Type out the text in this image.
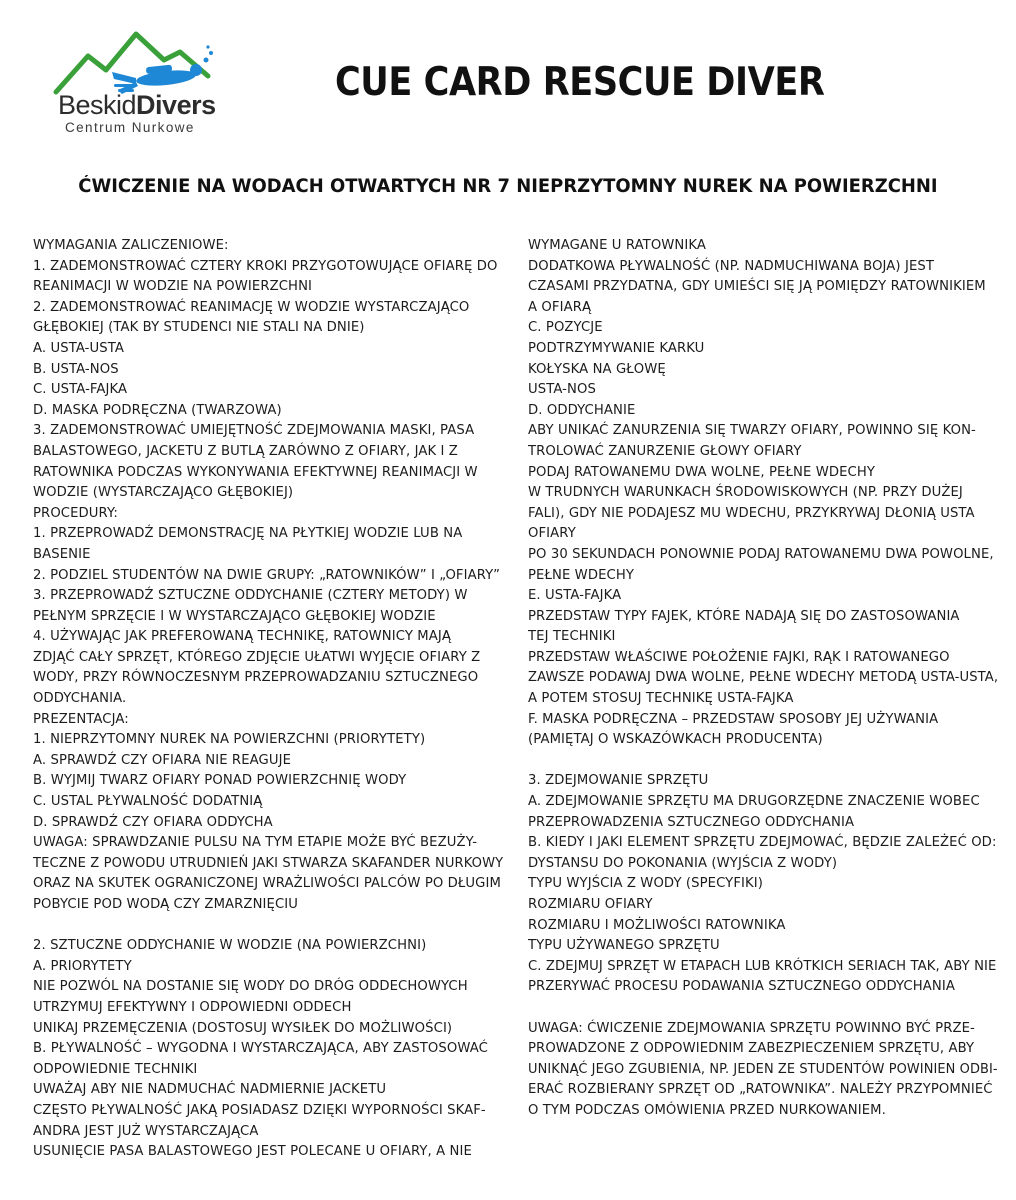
BeskidDivers
Centrum Nurkowe
CUE CARD RESCUE DIVER
ĆWICZENIE NA WODACH OTWARTYCH NR 7 NIEPRZYTOMNY NUREK NA POWIERZCHNI
WYMAGANIA ZALICZENIOWE:
1. ZADEMONSTROWAĆ CZTERY KROKI PRZYGOTOWUJĄCE OFIARĘ DO
REANIMACJI W WODZIE NA POWIERZCHNI
2. ZADEMONSTROWAĆ REANIMACJĘ W WODZIE WYSTARCZAJĄCO
GŁĘBOKIEJ (TAK BY STUDENCI NIE STALI NA DNIE)
A. USTA-USTA
B. USTA-NOS
C. USTA-FAJKA
D. MASKA PODRĘCZNA (TWARZOWA)
3. ZADEMONSTROWAĆ UMIEJĘTNOŚĆ ZDEJMOWANIA MASKI, PASA
BALASTOWEGO, JACKETU Z BUTLĄ ZARÓWNO Z OFIARY, JAK I Z
RATOWNIKA PODCZAS WYKONYWANIA EFEKTYWNEJ REANIMACJI W
WODZIE (WYSTARCZAJĄCO GŁĘBOKIEJ)
PROCEDURY:
1. PRZEPROWADŹ DEMONSTRACJĘ NA PŁYTKIEJ WODZIE LUB NA
BASENIE
2. PODZIEL STUDENTÓW NA DWIE GRUPY: „RATOWNIKÓW” I „OFIARY”
3. PRZEPROWADŹ SZTUCZNE ODDYCHANIE (CZTERY METODY) W
PEŁNYM SPRZĘCIE I W WYSTARCZAJĄCO GŁĘBOKIEJ WODZIE
4. UŻYWAJĄC JAK PREFEROWANĄ TECHNIKĘ, RATOWNICY MAJĄ
ZDJĄĆ CAŁY SPRZĘT, KTÓREGO ZDJĘCIE UŁATWI WYJĘCIE OFIARY Z
WODY, PRZY RÓWNOCZESNYM PRZEPROWADZANIU SZTUCZNEGO
ODDYCHANIA.
PREZENTACJA:
1. NIEPRZYTOMNY NUREK NA POWIERZCHNI (PRIORYTETY)
A. SPRAWDŹ CZY OFIARA NIE REAGUJE
B. WYJMIJ TWARZ OFIARY PONAD POWIERZCHNIĘ WODY
C. USTAL PŁYWALNOŚĆ DODATNIĄ
D. SPRAWDŹ CZY OFIARA ODDYCHA
UWAGA: SPRAWDZANIE PULSU NA TYM ETAPIE MOŻE BYĆ BEZUŻY-
TECZNE Z POWODU UTRUDNIEŃ JAKI STWARZA SKAFANDER NURKOWY
ORAZ NA SKUTEK OGRANICZONEJ WRAŻLIWOŚCI PALCÓW PO DŁUGIM
POBYCIE POD WODĄ CZY ZMARZNIĘCIU
2. SZTUCZNE ODDYCHANIE W WODZIE (NA POWIERZCHNI)
A. PRIORYTETY
NIE POZWÓL NA DOSTANIE SIĘ WODY DO DRÓG ODDECHOWYCH
UTRZYMUJ EFEKTYWNY I ODPOWIEDNI ODDECH
UNIKAJ PRZEMĘCZENIA (DOSTOSUJ WYSIŁEK DO MOŻLIWOŚCI)
B. PŁYWALNOŚĆ – WYGODNA I WYSTARCZAJĄCA, ABY ZASTOSOWAĆ
ODPOWIEDNIE TECHNIKI
UWAŻAJ ABY NIE NADMUCHAĆ NADMIERNIE JACKETU
CZĘSTO PŁYWALNOŚĆ JAKĄ POSIADASZ DZIĘKI WYPORNOŚCI SKAF-
ANDRA JEST JUŻ WYSTARCZAJĄCA
USUNIĘCIE PASA BALASTOWEGO JEST POLECANE U OFIARY, A NIE
WYMAGANE U RATOWNIKA
DODATKOWA PŁYWALNOŚĆ (NP. NADMUCHIWANA BOJA) JEST
CZASAMI PRZYDATNA, GDY UMIEŚCI SIĘ JĄ POMIĘDZY RATOWNIKIEM
A OFIARĄ
C. POZYCJE
PODTRZYMYWANIE KARKU
KOŁYSKA NA GŁOWĘ
USTA-NOS
D. ODDYCHANIE
ABY UNIKAĆ ZANURZENIA SIĘ TWARZY OFIARY, POWINNO SIĘ KON-
TROLOWAĆ ZANURZENIE GŁOWY OFIARY
PODAJ RATOWANEMU DWA WOLNE, PEŁNE WDECHY
W TRUDNYCH WARUNKACH ŚRODOWISKOWYCH (NP. PRZY DUŻEJ
FALI), GDY NIE PODAJESZ MU WDECHU, PRZYKRYWAJ DŁONIĄ USTA
OFIARY
PO 30 SEKUNDACH PONOWNIE PODAJ RATOWANEMU DWA POWOLNE,
PEŁNE WDECHY
E. USTA-FAJKA
PRZEDSTAW TYPY FAJEK, KTÓRE NADAJĄ SIĘ DO ZASTOSOWANIA
TEJ TECHNIKI
PRZEDSTAW WŁAŚCIWE POŁOŻENIE FAJKI, RĄK I RATOWANEGO
ZAWSZE PODAWAJ DWA WOLNE, PEŁNE WDECHY METODĄ USTA-USTA,
A POTEM STOSUJ TECHNIKĘ USTA-FAJKA
F. MASKA PODRĘCZNA – PRZEDSTAW SPOSOBY JEJ UŻYWANIA
(PAMIĘTAJ O WSKAZÓWKACH PRODUCENTA)
3. ZDEJMOWANIE SPRZĘTU
A. ZDEJMOWANIE SPRZĘTU MA DRUGORZĘDNE ZNACZENIE WOBEC
PRZEPROWADZENIA SZTUCZNEGO ODDYCHANIA
B. KIEDY I JAKI ELEMENT SPRZĘTU ZDEJMOWAĆ, BĘDZIE ZALEŻEĆ OD:
DYSTANSU DO POKONANIA (WYJŚCIA Z WODY)
TYPU WYJŚCIA Z WODY (SPECYFIKI)
ROZMIARU OFIARY
ROZMIARU I MOŻLIWOŚCI RATOWNIKA
TYPU UŻYWANEGO SPRZĘTU
C. ZDEJMUJ SPRZĘT W ETAPACH LUB KRÓTKICH SERIACH TAK, ABY NIE
PRZERYWAĆ PROCESU PODAWANIA SZTUCZNEGO ODDYCHANIA
UWAGA: ĆWICZENIE ZDEJMOWANIA SPRZĘTU POWINNO BYĆ PRZE-
PROWADZONE Z ODPOWIEDNIM ZABEZPIECZENIEM SPRZĘTU, ABY
UNIKNĄĆ JEGO ZGUBIENIA, NP. JEDEN ZE STUDENTÓW POWINIEN ODBI-
ERAĆ ROZBIERANY SPRZĘT OD „RATOWNIKA”. NALEŻY PRZYPOMNIEĆ
O TYM PODCZAS OMÓWIENIA PRZED NURKOWANIEM.
